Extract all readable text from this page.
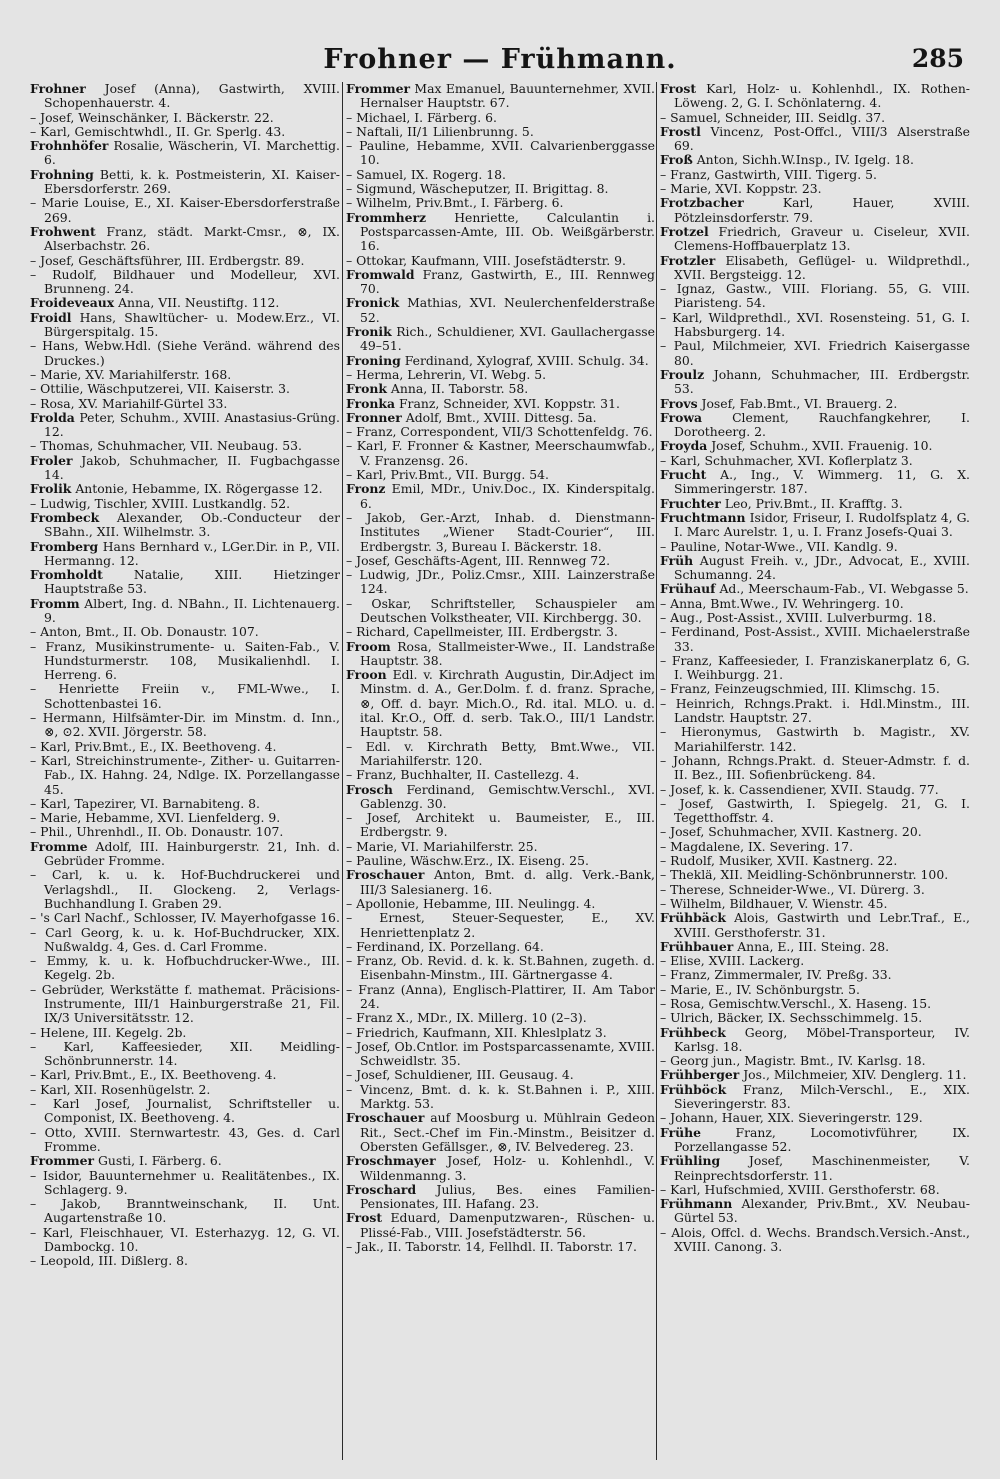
Frohner — Frühmann.	285

Frohner Josef (Anna), Gastwirth, XVIII. Schopenhauerstr. 4.

– Josef, Weinschänker, I. Bäckerstr. 22.

– Karl, Gemischtwhdl., II. Gr. Sperlg. 43.

Frohnhöfer Rosalie, Wäscherin, VI. Marchettig. 6.

Frohning Betti, k. k. Postmeisterin, XI. Kaiser-Ebersdorferstr. 269.

– Marie Louise, E., XI. Kaiser-Ebersdorferstraße 269.

Frohwent Franz, städt. Markt-Cmsr., ⊗, IX. Alserbachstr. 26.

– Josef, Geschäftsführer, III. Erdbergstr. 89.

– Rudolf, Bildhauer und Modelleur, XVI. Brunneng. 24.

Froideveaux Anna, VII. Neustiftg. 112.

Froidl Hans, Shawltücher- u. Modew.Erz., VI. Bürgerspitalg. 15.

– Hans, Webw.Hdl. (Siehe Veränd. während des Druckes.)

– Marie, XV. Mariahilferstr. 168.

– Ottilie, Wäschputzerei, VII. Kaiserstr. 3.

– Rosa, XV. Mariahilf-Gürtel 33.

Frolda Peter, Schuhm., XVIII. Anastasius-Grüng. 12.

– Thomas, Schuhmacher, VII. Neubaug. 53.

Froler Jakob, Schuhmacher, II. Fugbachgasse 14.

Frolik Antonie, Hebamme, IX. Rögergasse 12.

– Ludwig, Tischler, XVIII. Lustkandlg. 52.

Frombeck Alexander, Ob.-Conducteur der SBahn., XII. Wilhelmstr. 3.

Fromberg Hans Bernhard v., LGer.Dir. in P., VII. Hermanng. 12.

Fromholdt Natalie, XIII. Hietzinger Hauptstraße 53.

Fromm Albert, Ing. d. NBahn., II. Lichtenauerg. 9.

– Anton, Bmt., II. Ob. Donaustr. 107.

– Franz, Musikinstrumente- u. Saiten-Fab., V. Hundsturmerstr. 108, Musikalienhdl. I. Herreng. 6.

– Henriette Freiin v., FML-Wwe., I. Schottenbastei 16.

– Hermann, Hilfsämter-Dir. im Minstm. d. Inn., ⊗, ⊙2. XVII. Jörgerstr. 58.

– Karl, Priv.Bmt., E., IX. Beethoveng. 4.

– Karl, Streichinstrumente-, Zither- u. Guitarren-Fab., IX. Hahng. 24, Ndlge. IX. Porzellangasse 45.

– Karl, Tapezirer, VI. Barnabiteng. 8.

– Marie, Hebamme, XVI. Lienfelderg. 9.

– Phil., Uhrenhdl., II. Ob. Donaustr. 107.

Fromme Adolf, III. Hainburgerstr. 21, Inh. d. Gebrüder Fromme.

– Carl, k. u. k. Hof-Buchdruckerei und Verlagshdl., II. Glockeng. 2, Verlags-Buchhandlung I. Graben 29.

– 's Carl Nachf., Schlosser, IV. Mayerhofgasse 16.

– Carl Georg, k. u. k. Hof-Buchdrucker, XIX. Nußwaldg. 4, Ges. d. Carl Fromme.

– Emmy, k. u. k. Hofbuchdrucker-Wwe., III. Kegelg. 2b.

– Gebrüder, Werkstätte f. mathemat. Präcisions-Instrumente, III/1 Hainburgerstraße 21, Fil. IX/3 Universitätsstr. 12.

– Helene, III. Kegelg. 2b.

– Karl, Kaffeesieder, XII. Meidling-Schönbrunnerstr. 14.

– Karl, Priv.Bmt., E., IX. Beethoveng. 4.

– Karl, XII. Rosenhügelstr. 2.

– Karl Josef, Journalist, Schriftsteller u. Componist, IX. Beethoveng. 4.

– Otto, XVIII. Sternwartestr. 43, Ges. d. Carl Fromme.

Frommer Gusti, I. Färberg. 6.

– Isidor, Bauunternehmer u. Realitätenbes., IX. Schlagerg. 9.

– Jakob, Branntweinschank, II. Unt. Augartenstraße 10.

– Karl, Fleischhauer, VI. Esterhazyg. 12, G. VI. Dambockg. 10.

– Leopold, III. Dißlerg. 8.

Frommer Max Emanuel, Bauunternehmer, XVII. Hernalser Hauptstr. 67.

– Michael, I. Färberg. 6.

– Naftali, II/1 Lilienbrunng. 5.

– Pauline, Hebamme, XVII. Calvarienberggasse 10.

– Samuel, IX. Rogerg. 18.

– Sigmund, Wäscheputzer, II. Brigittag. 8.

– Wilhelm, Priv.Bmt., I. Färberg. 6.

Frommherz Henriette, Calculantin i. Postsparcassen-Amte, III. Ob. Weißgärberstr. 16.

– Ottokar, Kaufmann, VIII. Josefstädterstr. 9.

Fromwald Franz, Gastwirth, E., III. Rennweg 70.

Fronick Mathias, XVI. Neulerchenfelderstraße 52.

Fronik Rich., Schuldiener, XVI. Gaullachergasse 49–51.

Froning Ferdinand, Xylograf, XVIII. Schulg. 34.

– Herma, Lehrerin, VI. Webg. 5.

Fronk Anna, II. Taborstr. 58.

Fronka Franz, Schneider, XVI. Koppstr. 31.

Fronner Adolf, Bmt., XVIII. Dittesg. 5a.

– Franz, Correspondent, VII/3 Schottenfeldg. 76.

– Karl, F. Fronner & Kastner, Meerschaumwfab., V. Franzensg. 26.

– Karl, Priv.Bmt., VII. Burgg. 54.

Fronz Emil, MDr., Univ.Doc., IX. Kinderspitalg. 6.

– Jakob, Ger.-Arzt, Inhab. d. Dienstmann-Institutes „Wiener Stadt-Courier“, III. Erdbergstr. 3, Bureau I. Bäckerstr. 18.

– Josef, Geschäfts-Agent, III. Rennweg 72.

– Ludwig, JDr., Poliz.Cmsr., XIII. Lainzerstraße 124.

– Oskar, Schriftsteller, Schauspieler am Deutschen Volkstheater, VII. Kirchbergg. 30.

– Richard, Capellmeister, III. Erdbergstr. 3.

Froom Rosa, Stallmeister-Wwe., II. Landstraße Hauptstr. 38.

Froon Edl. v. Kirchrath Augustin, Dir.Adject im Minstm. d. A., Ger.Dolm. f. d. franz. Sprache, ⊗, Off. d. bayr. Mich.O., Rd. ital. MLO. u. d. ital. Kr.O., Off. d. serb. Tak.O., III/1 Landstr. Hauptstr. 58.

– Edl. v. Kirchrath Betty, Bmt.Wwe., VII. Mariahilferstr. 120.

– Franz, Buchhalter, II. Castellezg. 4.

Frosch Ferdinand, Gemischtw.Verschl., XVI. Gablenzg. 30.

– Josef, Architekt u. Baumeister, E., III. Erdbergstr. 9.

– Marie, VI. Mariahilferstr. 25.

– Pauline, Wäschw.Erz., IX. Eiseng. 25.

Froschauer Anton, Bmt. d. allg. Verk.-Bank, III/3 Salesianerg. 16.

– Apollonie, Hebamme, III. Neulingg. 4.

– Ernest, Steuer-Sequester, E., XV. Henriettenplatz 2.

– Ferdinand, IX. Porzellang. 64.

– Franz, Ob. Revid. d. k. k. St.Bahnen, zugeth. d. Eisenbahn-Minstm., III. Gärtnergasse 4.

– Franz (Anna), Englisch-Plattirer, II. Am Tabor 24.

– Franz X., MDr., IX. Millerg. 10 (2–3).

– Friedrich, Kaufmann, XII. Khleslplatz 3.

– Josef, Ob.Cntlor. im Postsparcassenamte, XVIII. Schweidlstr. 35.

– Josef, Schuldiener, III. Geusaug. 4.

– Vincenz, Bmt. d. k. k. St.Bahnen i. P., XIII. Marktg. 53.

Froschauer auf Moosburg u. Mühlrain Gedeon Rit., Sect.-Chef im Fin.-Minstm., Beisitzer d. Obersten Gefällsger., ⊗, IV. Belvedereg. 23.

Froschmayer Josef, Holz- u. Kohlenhdl., V. Wildenmanng. 3.

Froschard Julius, Bes. eines Familien-Pensionates, III. Hafang. 23.

Frost Eduard, Damenputzwaren-, Rüschen- u. Plissé-Fab., VIII. Josefstädterstr. 56.

– Jak., II. Taborstr. 14, Fellhdl. II. Taborstr. 17.

Frost Karl, Holz- u. Kohlenhdl., IX. Rothen-Löweng. 2, G. I. Schönlaterng. 4.

– Samuel, Schneider, III. Seidlg. 37.

Frostl Vincenz, Post-Offcl., VIII/3 Alserstraße 69.

Froß Anton, Sichh.W.Insp., IV. Igelg. 18.

– Franz, Gastwirth, VIII. Tigerg. 5.

– Marie, XVI. Koppstr. 23.

Frotzbacher Karl, Hauer, XVIII. Pötzleinsdorferstr. 79.

Frotzel Friedrich, Graveur u. Ciseleur, XVII. Clemens-Hoffbauerplatz 13.

Frotzler Elisabeth, Geflügel- u. Wildprethdl., XVII. Bergsteigg. 12.

– Ignaz, Gastw., VIII. Floriang. 55, G. VIII. Piaristeng. 54.

– Karl, Wildprethdl., XVI. Rosensteing. 51, G. I. Habsburgerg. 14.

– Paul, Milchmeier, XVI. Friedrich Kaisergasse 80.

Froulz Johann, Schuhmacher, III. Erdbergstr. 53.

Frovs Josef, Fab.Bmt., VI. Brauerg. 2.

Frowa Clement, Rauchfangkehrer, I. Dorotheerg. 2.

Froyda Josef, Schuhm., XVII. Frauenig. 10.

– Karl, Schuhmacher, XVI. Koflerplatz 3.

Frucht A., Ing., V. Wimmerg. 11, G. X. Simmeringerstr. 187.

Fruchter Leo, Priv.Bmt., II. Krafftg. 3.

Fruchtmann Isidor, Friseur, I. Rudolfsplatz 4, G. I. Marc Aurelstr. 1, u. I. Franz Josefs-Quai 3.

– Pauline, Notar-Wwe., VII. Kandlg. 9.

Früh August Freih. v., JDr., Advocat, E., XVIII. Schumanng. 24.

Frühauf Ad., Meerschaum-Fab., VI. Webgasse 5.

– Anna, Bmt.Wwe., IV. Wehringerg. 10.

– Aug., Post-Assist., XVIII. Lulverburmg. 18.

– Ferdinand, Post-Assist., XVIII. Michaelerstraße 33.

– Franz, Kaffeesieder, I. Franziskanerplatz 6, G. I. Weihburgg. 21.

– Franz, Feinzeugschmied, III. Klimschg. 15.

– Heinrich, Rchngs.Prakt. i. Hdl.Minstm., III. Landstr. Hauptstr. 27.

– Hieronymus, Gastwirth b. Magistr., XV. Mariahilferstr. 142.

– Johann, Rchngs.Prakt. d. Steuer-Admstr. f. d. II. Bez., III. Sofienbrückeng. 84.

– Josef, k. k. Cassendiener, XVII. Staudg. 77.

– Josef, Gastwirth, I. Spiegelg. 21, G. I. Tegetthoffstr. 4.

– Josef, Schuhmacher, XVII. Kastnerg. 20.

– Magdalene, IX. Severing. 17.

– Rudolf, Musiker, XVII. Kastnerg. 22.

– Theklä, XII. Meidling-Schönbrunnerstr. 100.

– Therese, Schneider-Wwe., VI. Dürerg. 3.

– Wilhelm, Bildhauer, V. Wienstr. 45.

Frühbäck Alois, Gastwirth und Lebr.Traf., E., XVIII. Gersthoferstr. 31.

Frühbauer Anna, E., III. Steing. 28.

– Elise, XVIII. Lackerg.

– Franz, Zimmermaler, IV. Preßg. 33.

– Marie, E., IV. Schönburgstr. 5.

– Rosa, Gemischtw.Verschl., X. Haseng. 15.

– Ulrich, Bäcker, IX. Sechsschimmelg. 15.

Frühbeck Georg, Möbel-Transporteur, IV. Karlsg. 18.

– Georg jun., Magistr. Bmt., IV. Karlsg. 18.

Frühberger Jos., Milchmeier, XIV. Denglerg. 11.

Frühböck Franz, Milch-Verschl., E., XIX. Sieveringerstr. 83.

– Johann, Hauer, XIX. Sieveringerstr. 129.

Frühe Franz, Locomotivführer, IX. Porzellangasse 52.

Frühling Josef, Maschinenmeister, V. Reinprechtsdorferstr. 11.

– Karl, Hufschmied, XVIII. Gersthoferstr. 68.

Frühmann Alexander, Priv.Bmt., XV. Neubau-Gürtel 53.

– Alois, Offcl. d. Wechs. Brandsch.Versich.-Anst., XVIII. Canong. 3.
